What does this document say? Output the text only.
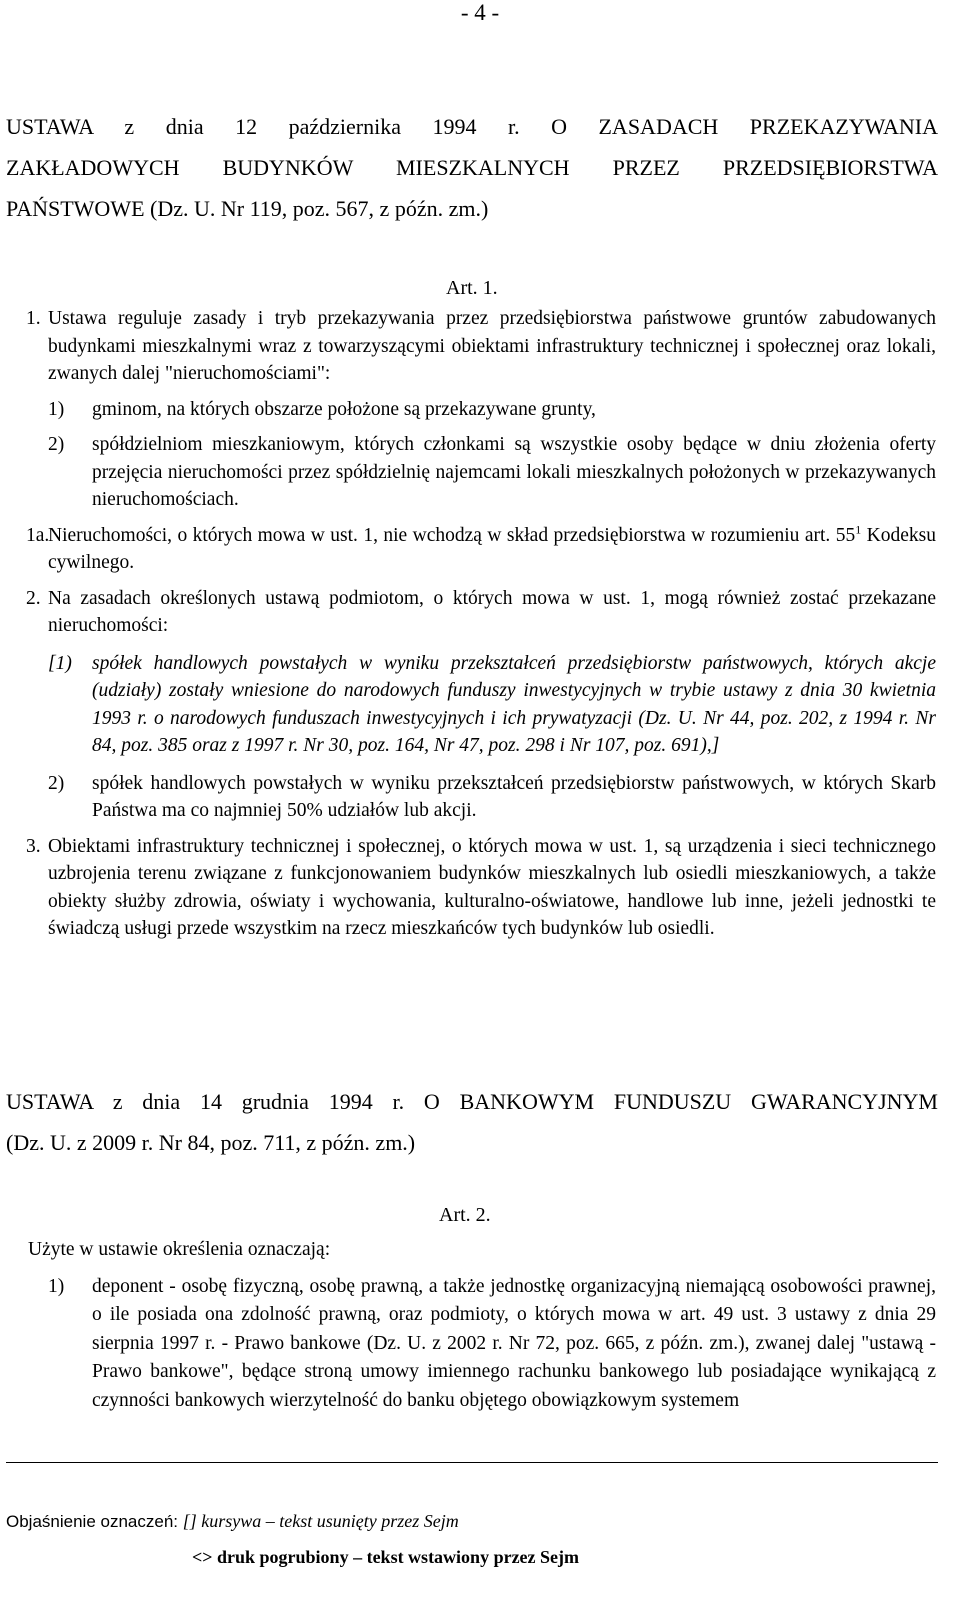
- 4 -
USTAWA z dnia 12 października 1994 r. O ZASADACH PRZEKAZYWANIA
ZAKŁADOWYCH BUDYNKÓW MIESZKALNYCH PRZEZ PRZEDSIĘBIORSTWA
PAŃSTWOWE (Dz. U. Nr 119, poz. 567, z późn. zm.)
Art. 1.
1. Ustawa reguluje zasady i tryb przekazywania przez przedsiębiorstwa państwowe gruntów zabudowanych budynkami mieszkalnymi wraz z towarzyszącymi obiektami infrastruktury technicznej i społecznej oraz lokali, zwanych dalej "nieruchomościami":
1) gminom, na których obszarze położone są przekazywane grunty,
2) spółdzielniom mieszkaniowym, których członkami są wszystkie osoby będące w dniu złożenia oferty przejęcia nieruchomości przez spółdzielnię najemcami lokali mieszkalnych położonych w przekazywanych nieruchomościach.
1a.
Nieruchomości, o których mowa w ust. 1, nie wchodzą w skład przedsiębiorstwa w rozumieniu art. $55^1$ Kodeksu cywilnego.
2. Na zasadach określonych ustawą podmiotom, o których mowa w ust. 1, mogą również zostać przekazane nieruchomości:
[1) spółek handlowych powstałych w wyniku przekształceń przedsiębiorstw państwowych, których akcje (udziały) zostały wniesione do narodowych funduszy inwestycyjnych w trybie ustawy z dnia 30 kwietnia 1993 r. o narodowych funduszach inwestycyjnych i ich prywatyzacji (Dz. U. Nr 44, poz. 202, z 1994 r. Nr 84, poz. 385 oraz z 1997 r. Nr 30, poz. 164, Nr 47, poz. 298 i Nr 107, poz. 691),]
2) spółek handlowych powstałych w wyniku przekształceń przedsiębiorstw państwowych, w których Skarb Państwa ma co najmniej 50% udziałów lub akcji.
3. Obiektami infrastruktury technicznej i społecznej, o których mowa w ust. 1, są urządzenia i sieci technicznego uzbrojenia terenu związane z funkcjonowaniem budynków mieszkalnych lub osiedli mieszkaniowych, a także obiekty służby zdrowia, oświaty i wychowania, kulturalno-oświatowe, handlowe lub inne, jeżeli jednostki te świadczą usługi przede wszystkim na rzecz mieszkańców tych budynków lub osiedli.
USTAWA z dnia 14 grudnia 1994 r. O BANKOWYM FUNDUSZU GWARANCYJNYM
(Dz. U. z 2009 r. Nr 84, poz. 711, z późn. zm.)
Art. 2.
Użyte w ustawie określenia oznaczają:
1) deponent - osobę fizyczną, osobę prawną, a także jednostkę organizacyjną niemającą osobowości prawnej, o ile posiada ona zdolność prawną, oraz podmioty, o których mowa w art. 49 ust. 3 ustawy z dnia 29 sierpnia 1997 r. - Prawo bankowe (Dz. U. z 2002 r. Nr 72, poz. 665, z późn. zm.), zwanej dalej "ustawą - Prawo bankowe", będące stroną umowy imiennego rachunku bankowego lub posiadające wynikającą z czynności bankowych wierzytelność do banku objętego obowiązkowym systemem
Objaśnienie oznaczeń: [] kursywa – tekst usunięty przez Sejm
<> druk pogrubiony – tekst wstawiony przez Sejm
